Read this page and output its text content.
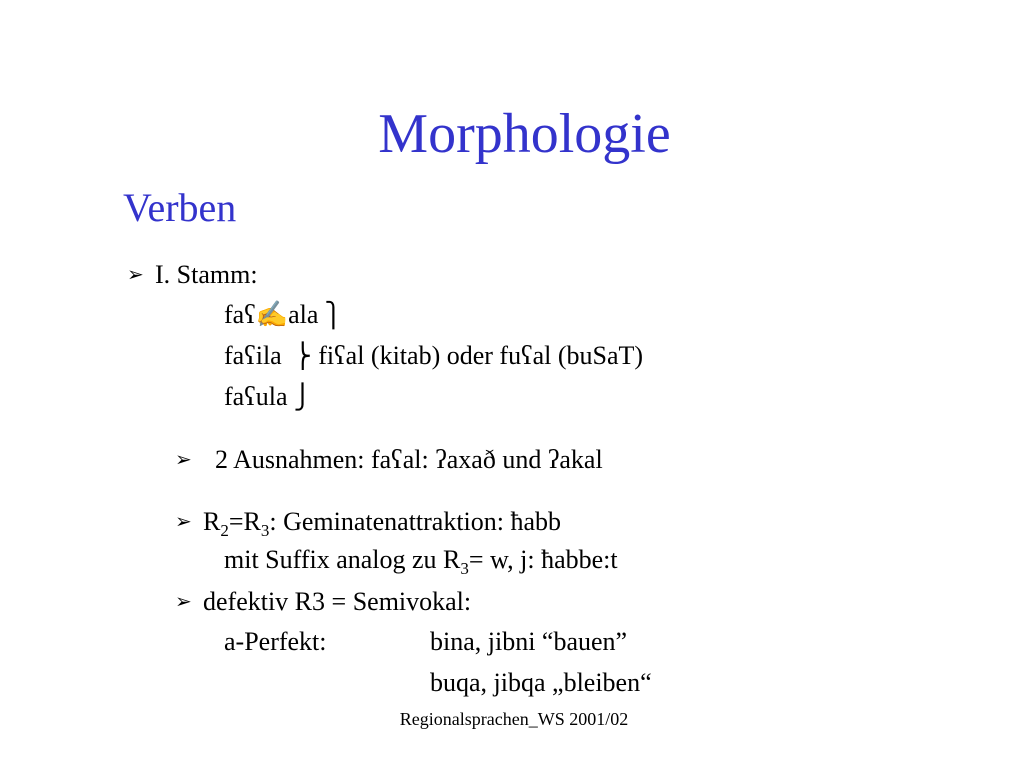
Morphologie
Verben
➢ I. Stamm:
faʕ✍ala ⎫
faʕila ⎬ fiʕal (kitab) oder fuʕal (buSaT)
faʕula ⎭
➢ 2 Ausnahmen: faʕal: ʔaxað und ʔakal
➢ $R_2=R_3$: Geminatenattraktion: ħabb
mit Suffix analog zu $R_3= w$, j: ħabbe:t
➢ defektiv R3 = Semivokal:
a-Perfekt:	bina, jibni “bauen”
buqa, jibqa „bleiben“
Regionalsprachen_WS 2001/02
